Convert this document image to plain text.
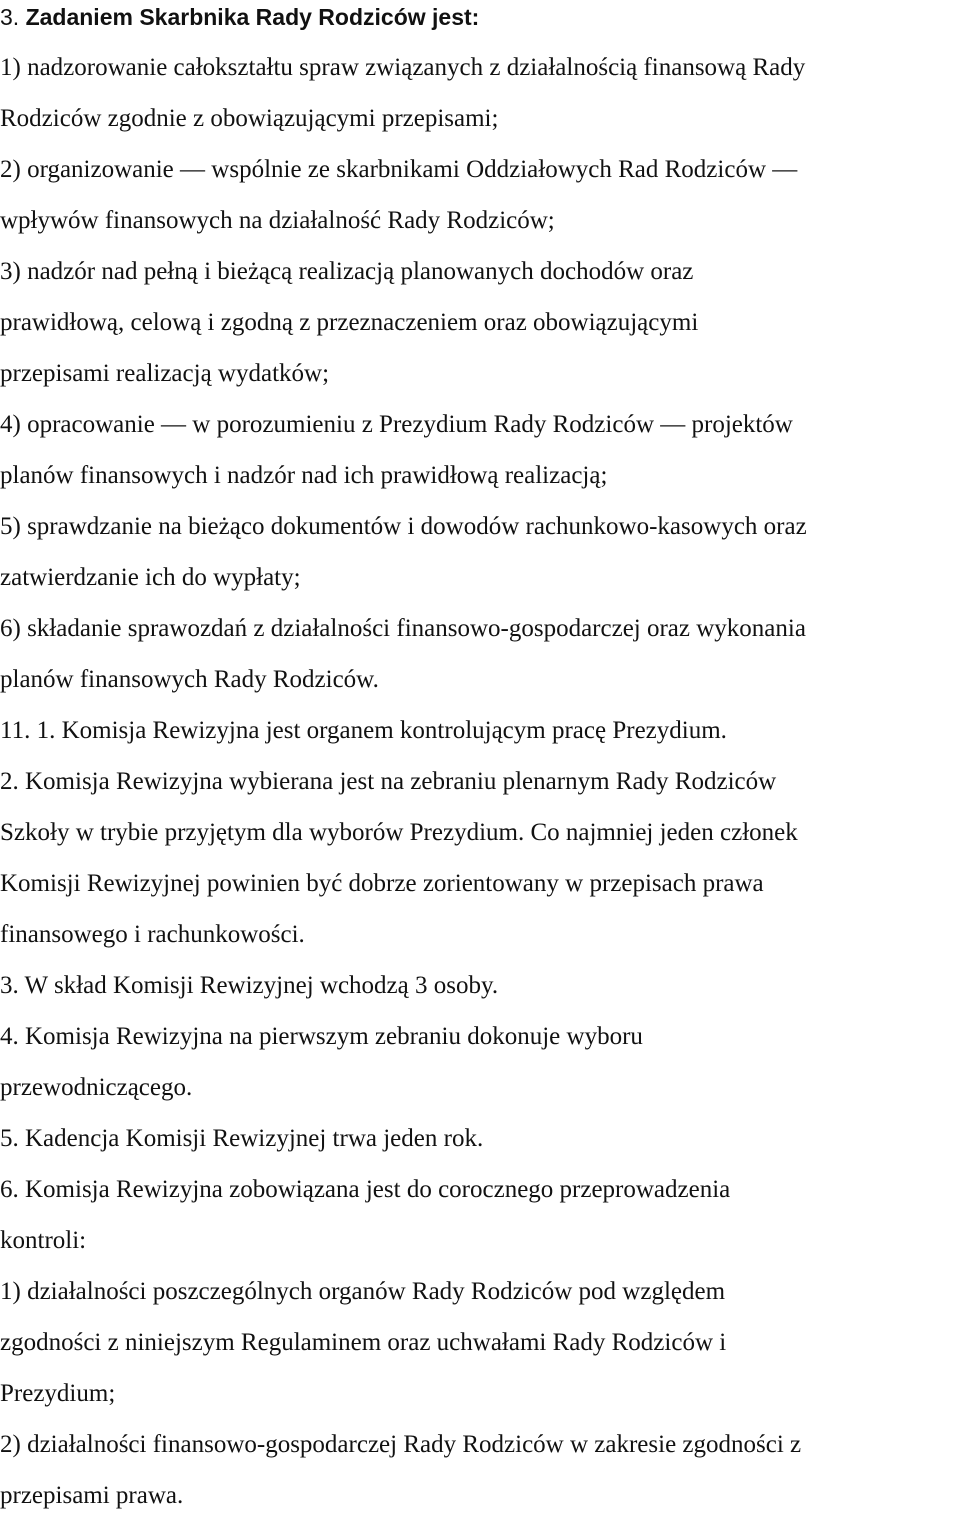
3. Zadaniem Skarbnika Rady Rodziców jest:
1) nadzorowanie całokształtu spraw związanych z działalnością finansową Rady
Rodziców zgodnie z obowiązującymi przepisami;
2) organizowanie — wspólnie ze skarbnikami Oddziałowych Rad Rodziców —
wpływów finansowych na działalność Rady Rodziców;
3) nadzór nad pełną i bieżącą realizacją planowanych dochodów oraz
prawidłową, celową i zgodną z przeznaczeniem oraz obowiązującymi
przepisami realizacją wydatków;
4) opracowanie — w porozumieniu z Prezydium Rady Rodziców — projektów
planów finansowych i nadzór nad ich prawidłową realizacją;
5) sprawdzanie na bieżąco dokumentów i dowodów rachunkowo-kasowych oraz
zatwierdzanie ich do wypłaty;
6) składanie sprawozdań z działalności finansowo-gospodarczej oraz wykonania
planów finansowych Rady Rodziców.
11. 1. Komisja Rewizyjna jest organem kontrolującym pracę Prezydium.
2. Komisja Rewizyjna wybierana jest na zebraniu plenarnym Rady Rodziców
Szkoły w trybie przyjętym dla wyborów Prezydium. Co najmniej jeden członek
Komisji Rewizyjnej powinien być dobrze zorientowany w przepisach prawa
finansowego i rachunkowości.
3. W skład Komisji Rewizyjnej wchodzą 3 osoby.
4. Komisja Rewizyjna na pierwszym zebraniu dokonuje wyboru
przewodniczącego.
5. Kadencja Komisji Rewizyjnej trwa jeden rok.
6. Komisja Rewizyjna zobowiązana jest do corocznego przeprowadzenia
kontroli:
1) działalności poszczególnych organów Rady Rodziców pod względem
zgodności z niniejszym Regulaminem oraz uchwałami Rady Rodziców i
Prezydium;
2) działalności finansowo-gospodarczej Rady Rodziców w zakresie zgodności z
przepisami prawa.
